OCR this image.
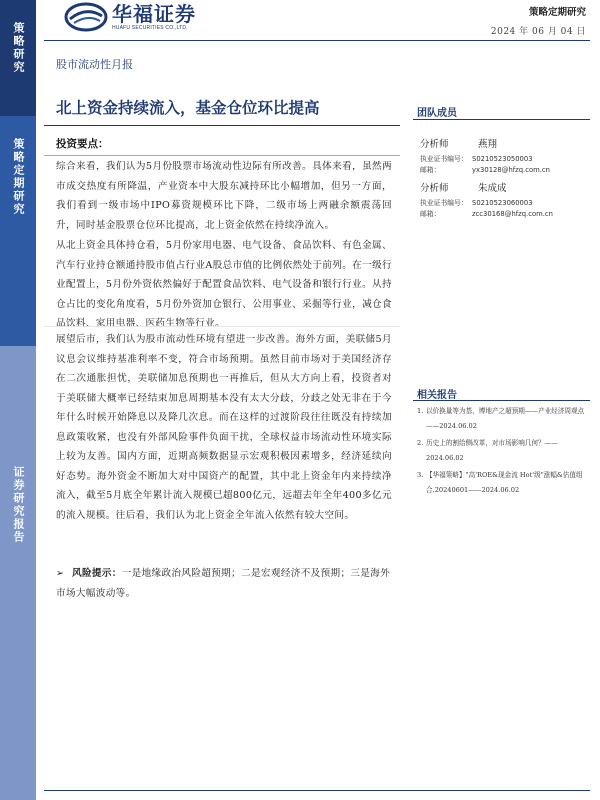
策略研究
策略定期研究
证券研究报告
华福证券
HUAFU SECURITIES CO.,LTD.
策略定期研究
2024 年 06 月 04 日
股市流动性月报
北上资金持续流入，基金仓位环比提高	团队成员
分析师	燕翔
执业证书编号： S0210523050003
邮箱：	yx30128@hfzq.com.cn
分析师	朱成成
执业证书编号： S0210523060003
邮箱：	zcc30168@hfzq.com.cn
相关报告
1. 以价换量等为基，博地产之超预期——产业经济周观点——2024.06.02
2. 历史上的割给侧改革，对市场影响几何？——2024.06.02
3. 【华福策略】"高'ROE&现金流 Hot'级"涨幅&估值组合.20240601——2024.06.02
投资要点：
综合来看，我们认为5月份股票市场流动性边际有所改善。具体来看，虽然两市成交热度有所降温，产业资本中大股东减持环比小幅增加，但另一方面，我们看到一级市场中IPO募资规模环比下降，二级市场上两融余额震荡回升，同时基金股票仓位环比提高，北上资金依然在持续净流入。
从北上资金具体持仓看，5月份家用电器、电气设备、食品饮料、有色金属、汽车行业持仓额通持股市值占行业A股总市值的比例依然处于前列。在一级行业配置上，5月份外资依然偏好于配置食品饮料、电气设备和银行行业。从持仓占比的变化角度看，5月份外资加仓银行、公用事业、采掘等行业，减仓食品饮料、家用电器、医药生物等行业。
展望后市，我们认为股市流动性环境有望进一步改善。海外方面，美联储5月议息会议维持基准利率不变，符合市场预期。虽然目前市场对于美国经济存在二次通胀担忧，美联储加息预期也一再推后，但从大方向上看，投资者对于美联储大概率已经结束加息周期基本没有太大分歧，分歧之处无非在于今年什么时候开始降息以及降几次息。而在这样的过渡阶段往往既没有持续加息政策收紧，也没有外部风险事件负面干扰，全球权益市场流动性环境实际上较为友善。国内方面，近期高频数据显示宏观积极因素增多，经济延续向好态势。海外资金不断加大对中国资产的配置，其中北上资金年内来持续净流入，截至5月底全年累计流入规模已超800亿元，远超去年全年400多亿元的流入规模。往后看，我们认为北上资金全年流入依然有较大空间。
➢ 风险提示：一是地缘政治风险超预期；二是宏观经济不及预期；三是海外市场大幅波动等。
